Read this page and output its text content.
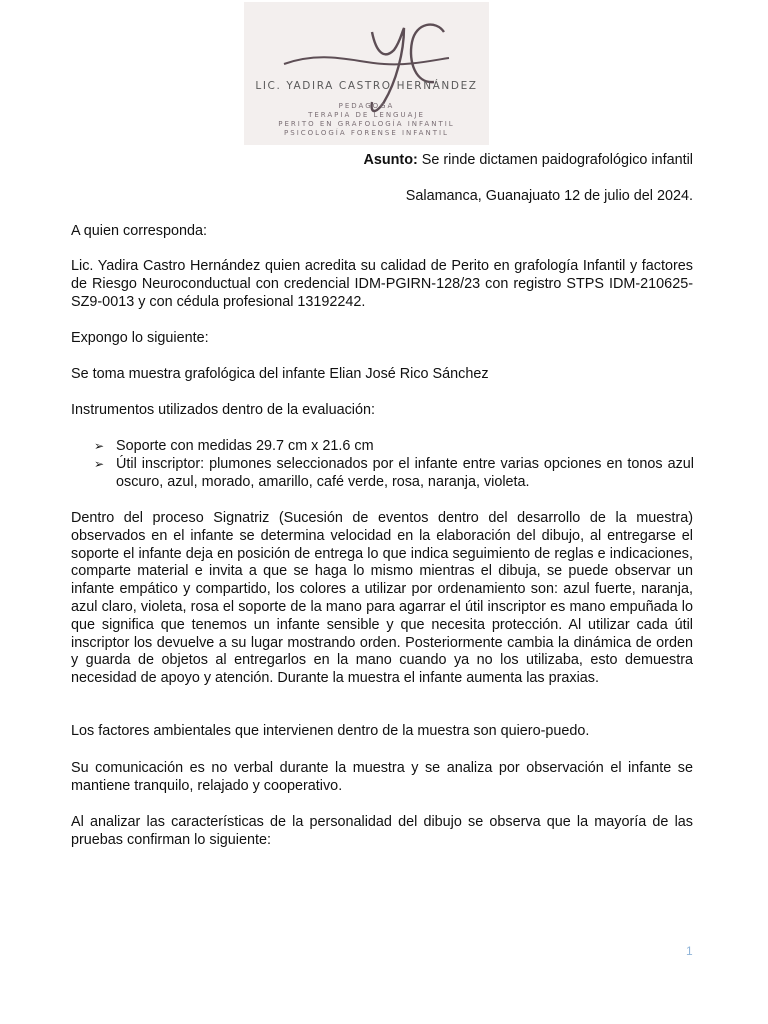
LIC. YADIRA CASTRO HERNÁNDEZ
PEDAGOGA
TERAPIA DE LENGUAJE
PERITO EN GRAFOLOGÍA INFANTIL
PSICOLOGÍA FORENSE INFANTIL
Asunto: Se rinde dictamen paidografológico infantil
Salamanca, Guanajuato 12 de julio del 2024.
A quien corresponda:
Lic. Yadira Castro Hernández quien acredita su calidad de Perito en grafología Infantil y factores de Riesgo Neuroconductual con credencial IDM-PGIRN-128/23 con registro STPS IDM-210625-SZ9-0013 y con cédula profesional 13192242.
Expongo lo siguiente:
Se toma muestra grafológica del infante Elian José Rico Sánchez
Instrumentos utilizados dentro de la evaluación:
➢ Soporte con medidas 29.7 cm x 21.6 cm
➢ Útil inscriptor: plumones seleccionados por el infante entre varias opciones en tonos azul oscuro, azul, morado, amarillo, café verde, rosa, naranja, violeta.
Dentro del proceso Signatriz (Sucesión de eventos dentro del desarrollo de la muestra) observados en el infante se determina velocidad en la elaboración del dibujo, al entregarse el soporte el infante deja en posición de entrega lo que indica seguimiento de reglas e indicaciones, comparte material e invita a que se haga lo mismo mientras el dibuja, se puede observar un infante empático y compartido, los colores a utilizar por ordenamiento son: azul fuerte, naranja, azul claro, violeta, rosa el soporte de la mano para agarrar el útil inscriptor es mano empuñada lo que significa que tenemos un infante sensible y que necesita protección. Al utilizar cada útil inscriptor los devuelve a su lugar mostrando orden. Posteriormente cambia la dinámica de orden y guarda de objetos al entregarlos en la mano cuando ya no los utilizaba, esto demuestra necesidad de apoyo y atención. Durante la muestra el infante aumenta las praxias.
Los factores ambientales que intervienen dentro de la muestra son quiero-puedo.
Su comunicación es no verbal durante la muestra y se analiza por observación el infante se mantiene tranquilo, relajado y cooperativo.
Al analizar las características de la personalidad del dibujo se observa que la mayoría de las pruebas confirman lo siguiente:
1
